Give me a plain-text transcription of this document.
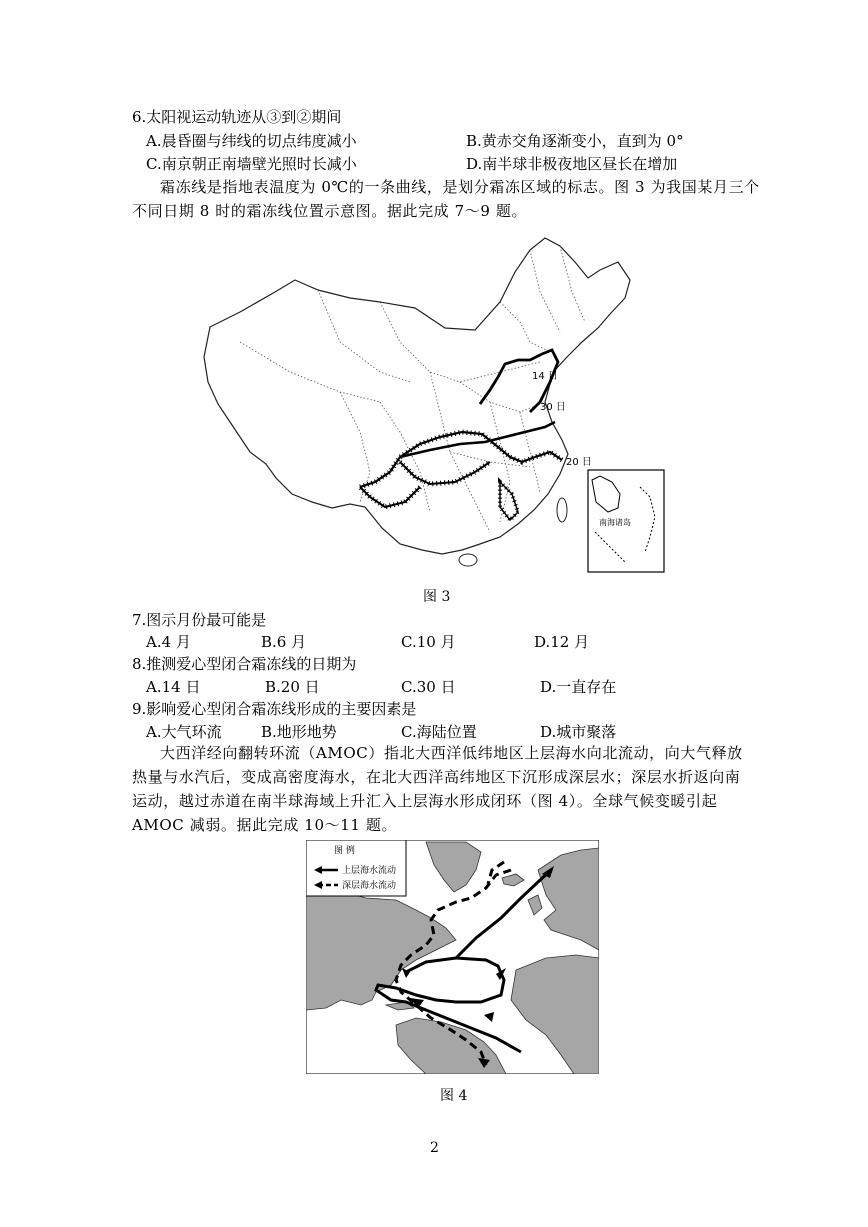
6.太阳视运动轨迹从③到②期间
A.晨昏圈与纬线的切点纬度减小	B.黄赤交角逐渐变小，直到为 0°
C.南京朝正南墙壁光照时长减小	D.南半球非极夜地区昼长在增加
霜冻线是指地表温度为 0℃的一条曲线，是划分霜冻区域的标志。图 3 为我国某月三个
不同日期 8 时的霜冻线位置示意图。据此完成 7～9 题。
14 日
30 日
20 日
南海诸岛
图 3
7.图示月份最可能是
A.4 月	B.6 月	C.10 月	D.12 月
8.推测爱心型闭合霜冻线的日期为
A.14 日	B.20 日	C.30 日	D.一直存在
9.影响爱心型闭合霜冻线形成的主要因素是
A.大气环流	B.地形地势	C.海陆位置	D.城市聚落
大西洋经向翻转环流（AMOC）指北大西洋低纬地区上层海水向北流动，向大气释放
热量与水汽后，变成高密度海水，在北大西洋高纬地区下沉形成深层水；深层水折返向南
运动，越过赤道在南半球海域上升汇入上层海水形成闭环（图 4）。全球气候变暖引起
AMOC 减弱。据此完成 10～11 题。
图 例
上层海水流动
深层海水流动
图 4
2
